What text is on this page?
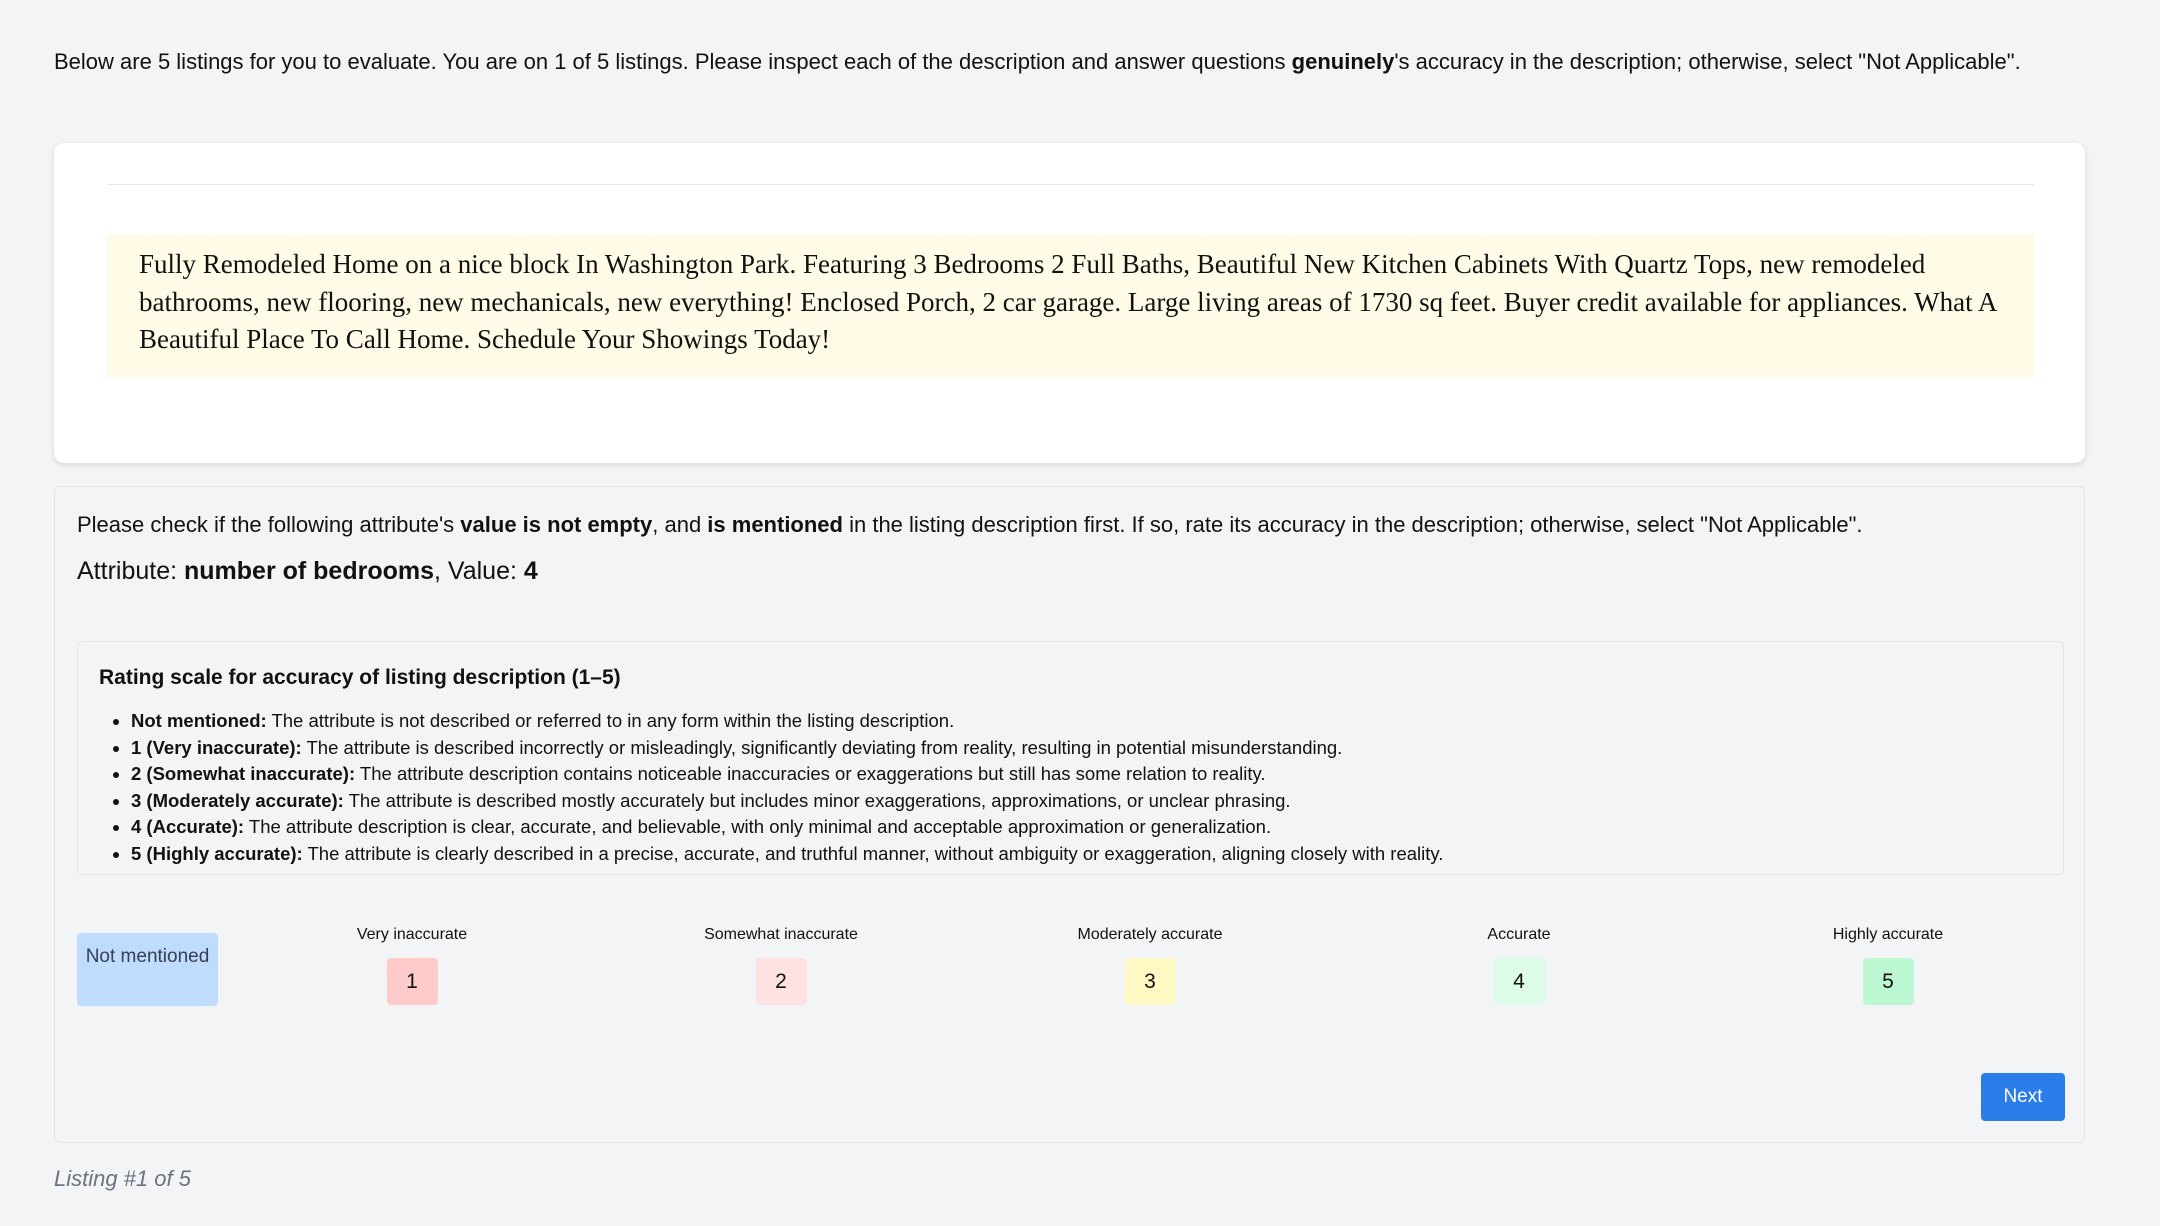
Below are 5 listings for you to evaluate. You are on 1 of 5 listings. Please inspect each of the description and answer questions genuinely's accuracy in the description; otherwise, select "Not Applicable".
Fully Remodeled Home on a nice block In Washington Park. Featuring 3 Bedrooms 2 Full Baths, Beautiful New Kitchen Cabinets With Quartz Tops, new remodeled bathrooms, new flooring, new mechanicals, new everything! Enclosed Porch, 2 car garage. Large living areas of 1730 sq feet. Buyer credit available for appliances. What A Beautiful Place To Call Home. Schedule Your Showings Today!
Please check if the following attribute's value is not empty, and is mentioned in the listing description first. If so, rate its accuracy in the description; otherwise, select "Not Applicable".
Attribute: number of bedrooms, Value: 4
Rating scale for accuracy of listing description (1–5)
• Not mentioned: The attribute is not described or referred to in any form within the listing description.
• 1 (Very inaccurate): The attribute is described incorrectly or misleadingly, significantly deviating from reality, resulting in potential misunderstanding.
• 2 (Somewhat inaccurate): The attribute description contains noticeable inaccuracies or exaggerations but still has some relation to reality.
• 3 (Moderately accurate): The attribute is described mostly accurately but includes minor exaggerations, approximations, or unclear phrasing.
• 4 (Accurate): The attribute description is clear, accurate, and believable, with only minimal and acceptable approximation or generalization.
• 5 (Highly accurate): The attribute is clearly described in a precise, accurate, and truthful manner, without ambiguity or exaggeration, aligning closely with reality.
Not mentioned
Very inaccurate
1
Somewhat inaccurate
2
Moderately accurate
3
Accurate
4
Highly accurate
5
Next
Listing #1 of 5
